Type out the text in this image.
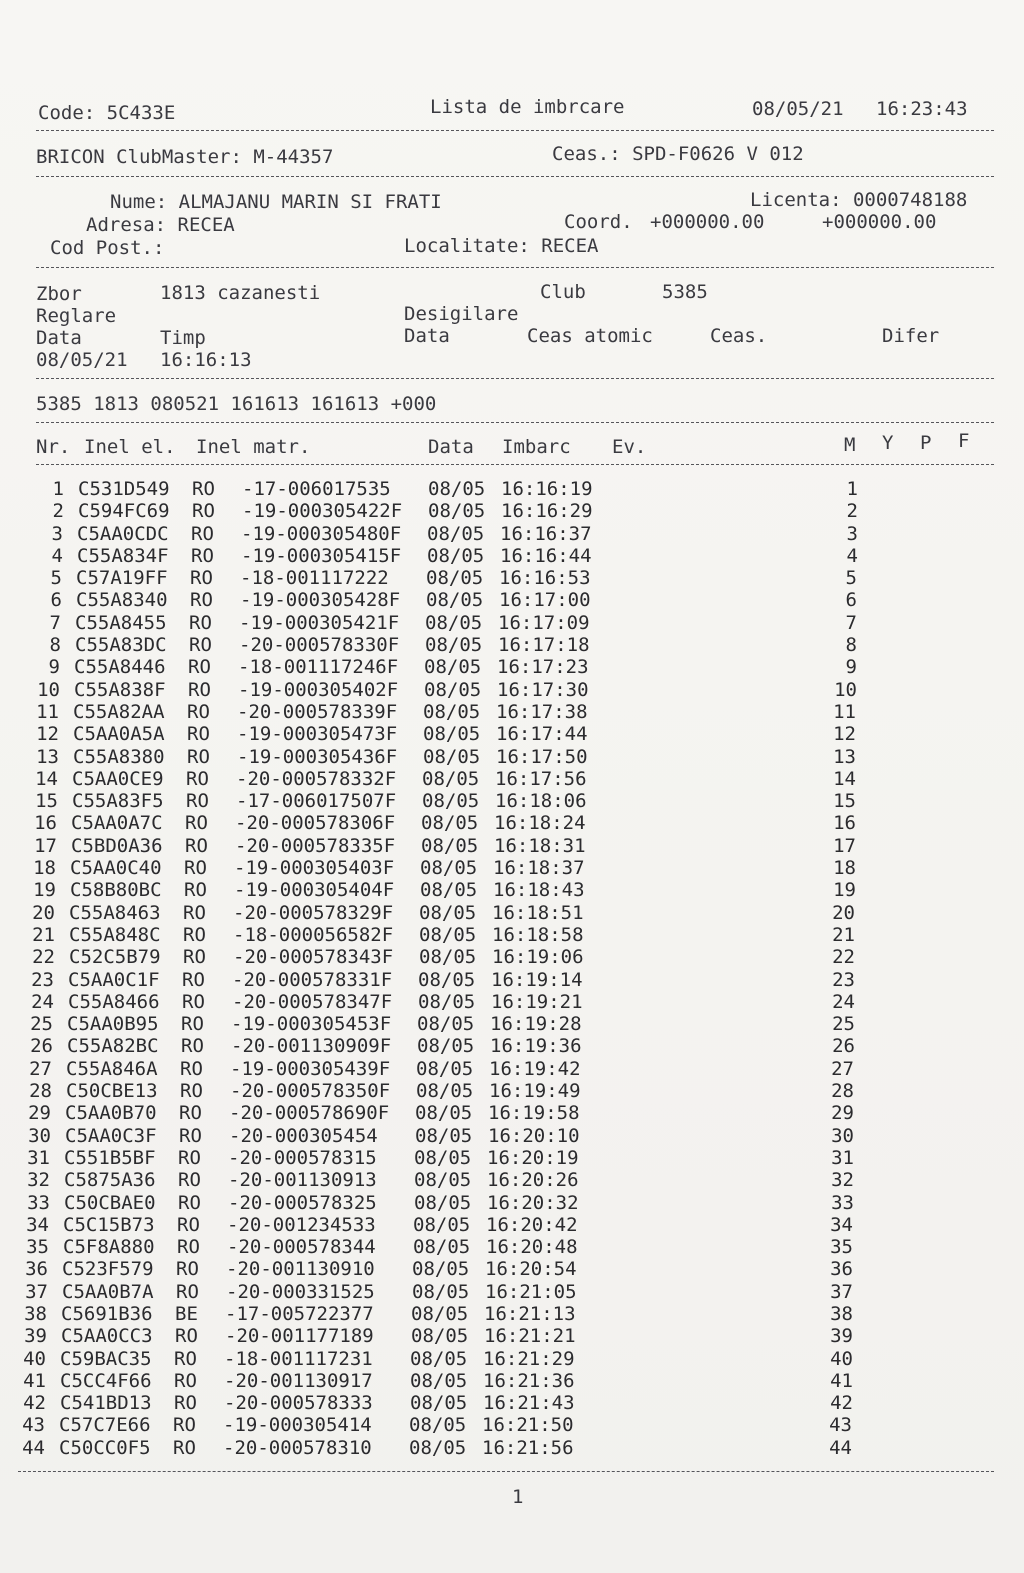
Code: 5C433E	Lista de imbrcare	08/05/21 16:23:43
BRICON ClubMaster: M-44357	Ceas.: SPD-F0626 V 012
Nume: ALMAJANU MARIN SI FRATI	Licenta: 0000748188
Adresa: RECEA	Coord. +000000.00	+000000.00
Cod Post.:	Localitate: RECEA
Zbor	1813 cazanesti	Club	5385
Reglare	Desigilare
Data	Timp	Data	Ceas atomic	Ceas.	Difer
08/05/21 16:16:13
5385 1813 080521 161613 161613 +000
Nr. Inel el. Inel matr.	Data Imbarc Ev.	M Y P F
1 C531D549 RO -17-006017535 08/05 16:16:19	1
2 C594FC69 RO -19-000305422F 08/05 16:16:29	2
3 C5AA0CDC RO -19-000305480F 08/05 16:16:37	3
4 C55A834F RO -19-000305415F 08/05 16:16:44	4
5 C57A19FF RO -18-001117222 08/05 16:16:53	5
6 C55A8340 RO -19-000305428F 08/05 16:17:00	6
7 C55A8455 RO -19-000305421F 08/05 16:17:09	7
8 C55A83DC RO -20-000578330F 08/05 16:17:18	8
9 C55A8446 RO -18-001117246F 08/05 16:17:23	9
10 C55A838F RO -19-000305402F 08/05 16:17:30	10
11 C55A82AA RO -20-000578339F 08/05 16:17:38	11
12 C5AA0A5A RO -19-000305473F 08/05 16:17:44	12
13 C55A8380 RO -19-000305436F 08/05 16:17:50	13
14 C5AA0CE9 RO -20-000578332F 08/05 16:17:56	14
15 C55A83F5 RO -17-006017507F 08/05 16:18:06	15
16 C5AA0A7C RO -20-000578306F 08/05 16:18:24	16
17 C5BD0A36 RO -20-000578335F 08/05 16:18:31	17
18 C5AA0C40 RO -19-000305403F 08/05 16:18:37	18
19 C58B80BC RO -19-000305404F 08/05 16:18:43	19
20 C55A8463 RO -20-000578329F 08/05 16:18:51	20
21 C55A848C RO -18-000056582F 08/05 16:18:58	21
22 C52C5B79 RO -20-000578343F 08/05 16:19:06	22
23 C5AA0C1F RO -20-000578331F 08/05 16:19:14	23
24 C55A8466 RO -20-000578347F 08/05 16:19:21	24
25 C5AA0B95 RO -19-000305453F 08/05 16:19:28	25
26 C55A82BC RO -20-001130909F 08/05 16:19:36	26
27 C55A846A RO -19-000305439F 08/05 16:19:42	27
28 C50CBE13 RO -20-000578350F 08/05 16:19:49	28
29 C5AA0B70 RO -20-000578690F 08/05 16:19:58	29
30 C5AA0C3F RO -20-000305454 08/05 16:20:10	30
31 C551B5BF RO -20-000578315 08/05 16:20:19	31
32 C5875A36 RO -20-001130913 08/05 16:20:26	32
33 C50CBAE0 RO -20-000578325 08/05 16:20:32	33
34 C5C15B73 RO -20-001234533 08/05 16:20:42	34
35 C5F8A880 RO -20-000578344 08/05 16:20:48	35
36 C523F579 RO -20-001130910 08/05 16:20:54	36
37 C5AA0B7A RO -20-000331525 08/05 16:21:05	37
38 C5691B36 BE -17-005722377 08/05 16:21:13	38
39 C5AA0CC3 RO -20-001177189 08/05 16:21:21	39
40 C59BAC35 RO -18-001117231 08/05 16:21:29	40
41 C5CC4F66 RO -20-001130917 08/05 16:21:36	41
42 C541BD13 RO -20-000578333 08/05 16:21:43	42
43 C57C7E66 RO -19-000305414 08/05 16:21:50	43
44 C50CC0F5 RO -20-000578310 08/05 16:21:56	44
1
